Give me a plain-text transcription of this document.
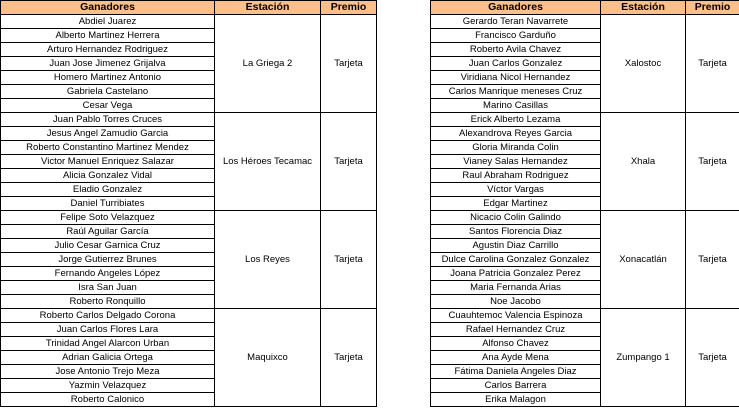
Ganadores	Estación	Premio
Abdiel Juarez	La Griega 2	Tarjeta
Alberto Martinez Herrera		
Arturo Hernandez Rodriguez		
Juan Jose Jimenez Grijalva		
Homero Martinez Antonio		
Gabriela Castelano		
Cesar Vega		
Juan Pablo Torres Cruces	Los Héroes Tecamac	Tarjeta
Jesus Angel Zamudio Garcia		
Roberto Constantino Martinez Mendez		
Victor Manuel Enriquez Salazar		
Alicia Gonzalez Vidal		
Eladio Gonzalez		
Daniel Turribiates		
Felipe Soto Velazquez	Los Reyes	Tarjeta
Raúl Aguilar García		
Julio Cesar Garnica Cruz		
Jorge Gutierrez Brunes		
Fernando Angeles López		
Isra San Juan		
Roberto Ronquillo		
Roberto Carlos Delgado Corona	Maquixco	Tarjeta
Juan Carlos Flores Lara		
Trinidad Angel Alarcon Urban		
Adrian Galicia Ortega		
Jose Antonio Trejo Meza		
Yazmin Velazquez		
Roberto Calonico		
Ganadores	Estación	Premio
Gerardo Teran Navarrete	Xalostoc	Tarjeta
Francisco Garduño		
Roberto Avila Chavez		
Juan Carlos Gonzalez		
Viridiana Nicol Hernandez		
Carlos Manrique meneses Cruz		
Marino Casillas		
Erick Alberto Lezama	Xhala	Tarjeta
Alexandrova Reyes Garcia		
Gloria Miranda Colin		
Vianey Salas Hernandez		
Raul Abraham Rodriguez		
Víctor Vargas		
Edgar Martinez		
Nicacio Colin Galindo	Xonacatlán	Tarjeta
Santos Florencia Diaz		
Agustin Diaz Carrillo		
Dulce Carolina Gonzalez Gonzalez		
Joana Patricia Gonzalez Perez		
Maria Fernanda Arias		
Noe Jacobo		
Cuauhtemoc Valencia Espinoza	Zumpango 1	Tarjeta
Rafael Hernandez Cruz		
Alfonso Chavez		
Ana Ayde Mena		
Fátima Daniela Angeles Diaz		
Carlos Barrera		
Erika Malagon		
